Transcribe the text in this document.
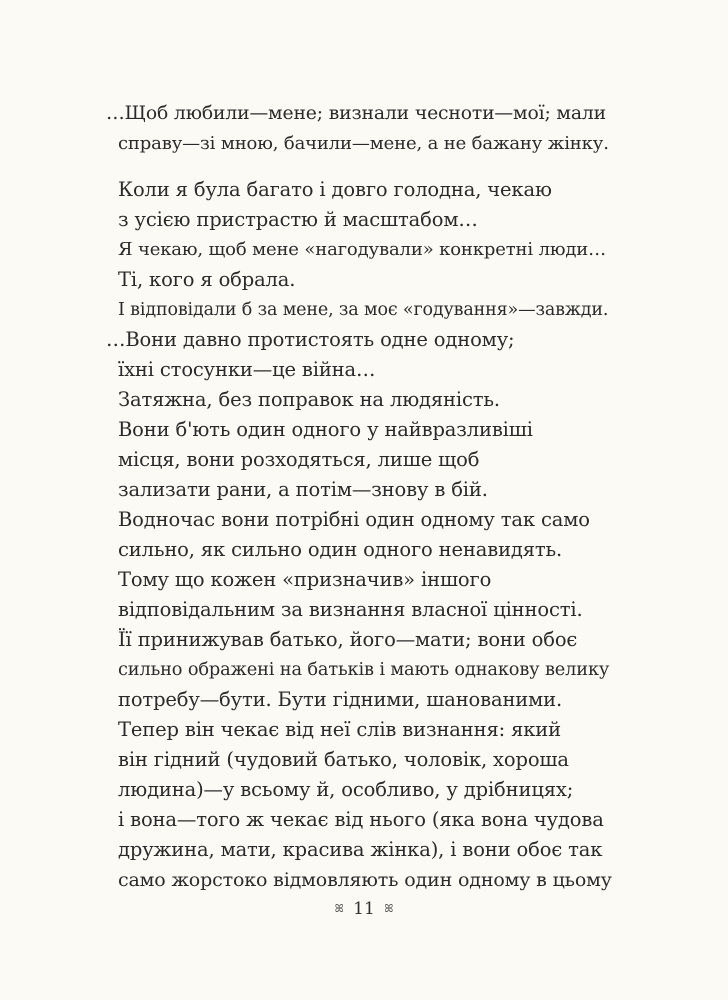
…Щоб любили—мене; визнали чесноти—мої; мали
справу—зі мною, бачили—мене, а не бажану жінку.
Коли я була багато і довго голодна, чекаю
з усією пристрастю й масштабом…
Я чекаю, щоб мене «нагодували» конкретні люди…
Ті, кого я обрала.
І відповідали б за мене, за моє «годування»—завжди.
…Вони давно протистоять одне одному;
їхні стосунки—це війна…
Затяжна, без поправок на людяність.
Вони б'ють один одного у найвразливіші
місця, вони розходяться, лише щоб
зализати рани, а потім—знову в бій.
Водночас вони потрібні один одному так само
сильно, як сильно один одного ненавидять.
Тому що кожен «призначив» іншого
відповідальним за визнання власної цінності.
Її принижував батько, його—мати; вони обоє
сильно ображені на батьків і мають однакову велику
потребу—бути. Бути гідними, шанованими.
Тепер він чекає від неї слів визнання: який
він гідний (чудовий батько, чоловік, хороша
людина)—у всьому й, особливо, у дрібницях;
і вона—того ж чекає від нього (яка вона чудова
дружина, мати, красива жінка), і вони обоє так
само жорстоко відмовляють один одному в цьому
ꕤ 11 ꕤ
